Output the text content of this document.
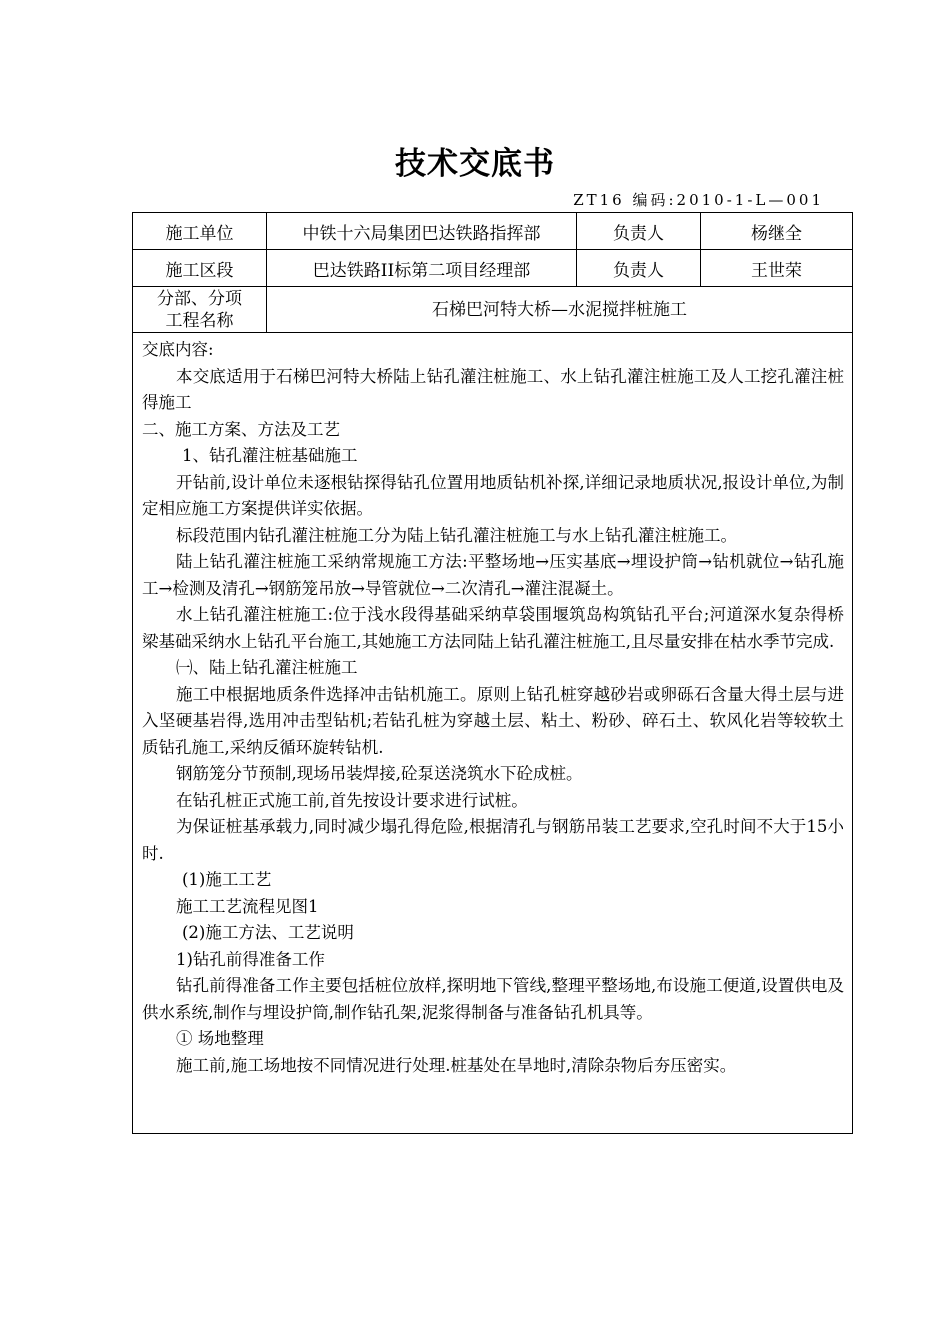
技术交底书
ZT16 编码:2010-1-L—001
施工单位	中铁十六局集团巴达铁路指挥部	负责人	杨继全
施工区段	巴达铁路II标第二项目经理部	负责人	王世荣

分部、分项
工程名称	石梯巴河特大桥—水泥搅拌桩施工		

交底内容:

本交底适用于石梯巴河特大桥陆上钻孔灌注桩施工、水上钻孔灌注桩施工及人工挖孔灌注桩得施工

二、施工方案、方法及工艺

1、钻孔灌注桩基础施工

开钻前,设计单位未逐根钻探得钻孔位置用地质钻机补探,详细记录地质状况,报设计单位,为制定相应施工方案提供详实依据。

标段范围内钻孔灌注桩施工分为陆上钻孔灌注桩施工与水上钻孔灌注桩施工。

陆上钻孔灌注桩施工采纳常规施工方法:平整场地→压实基底→埋设护筒→钻机就位→钻孔施工→检测及清孔→钢筋笼吊放→导管就位→二次清孔→灌注混凝土。

水上钻孔灌注桩施工:位于浅水段得基础采纳草袋围堰筑岛构筑钻孔平台;河道深水复杂得桥梁基础采纳水上钻孔平台施工,其她施工方法同陆上钻孔灌注桩施工,且尽量安排在枯水季节完成.

㈠、陆上钻孔灌注桩施工

施工中根据地质条件选择冲击钻机施工。原则上钻孔桩穿越砂岩或卵砾石含量大得土层与进入坚硬基岩得,选用冲击型钻机;若钻孔桩为穿越土层、粘土、粉砂、碎石土、软风化岩等较软土质钻孔施工,采纳反循环旋转钻机.

钢筋笼分节预制,现场吊装焊接,砼泵送浇筑水下砼成桩。

在钻孔桩正式施工前,首先按设计要求进行试桩。

为保证桩基承载力,同时减少塌孔得危险,根据清孔与钢筋吊装工艺要求,空孔时间不大于15小时.

(1)施工工艺

施工工艺流程见图1

(2)施工方法、工艺说明

1)钻孔前得准备工作

钻孔前得准备工作主要包括桩位放样,探明地下管线,整理平整场地,布设施工便道,设置供电及供水系统,制作与埋设护筒,制作钻孔架,泥浆得制备与准备钻孔机具等。

① 场地整理

施工前,施工场地按不同情况进行处理.桩基处在旱地时,清除杂物后夯压密实。
